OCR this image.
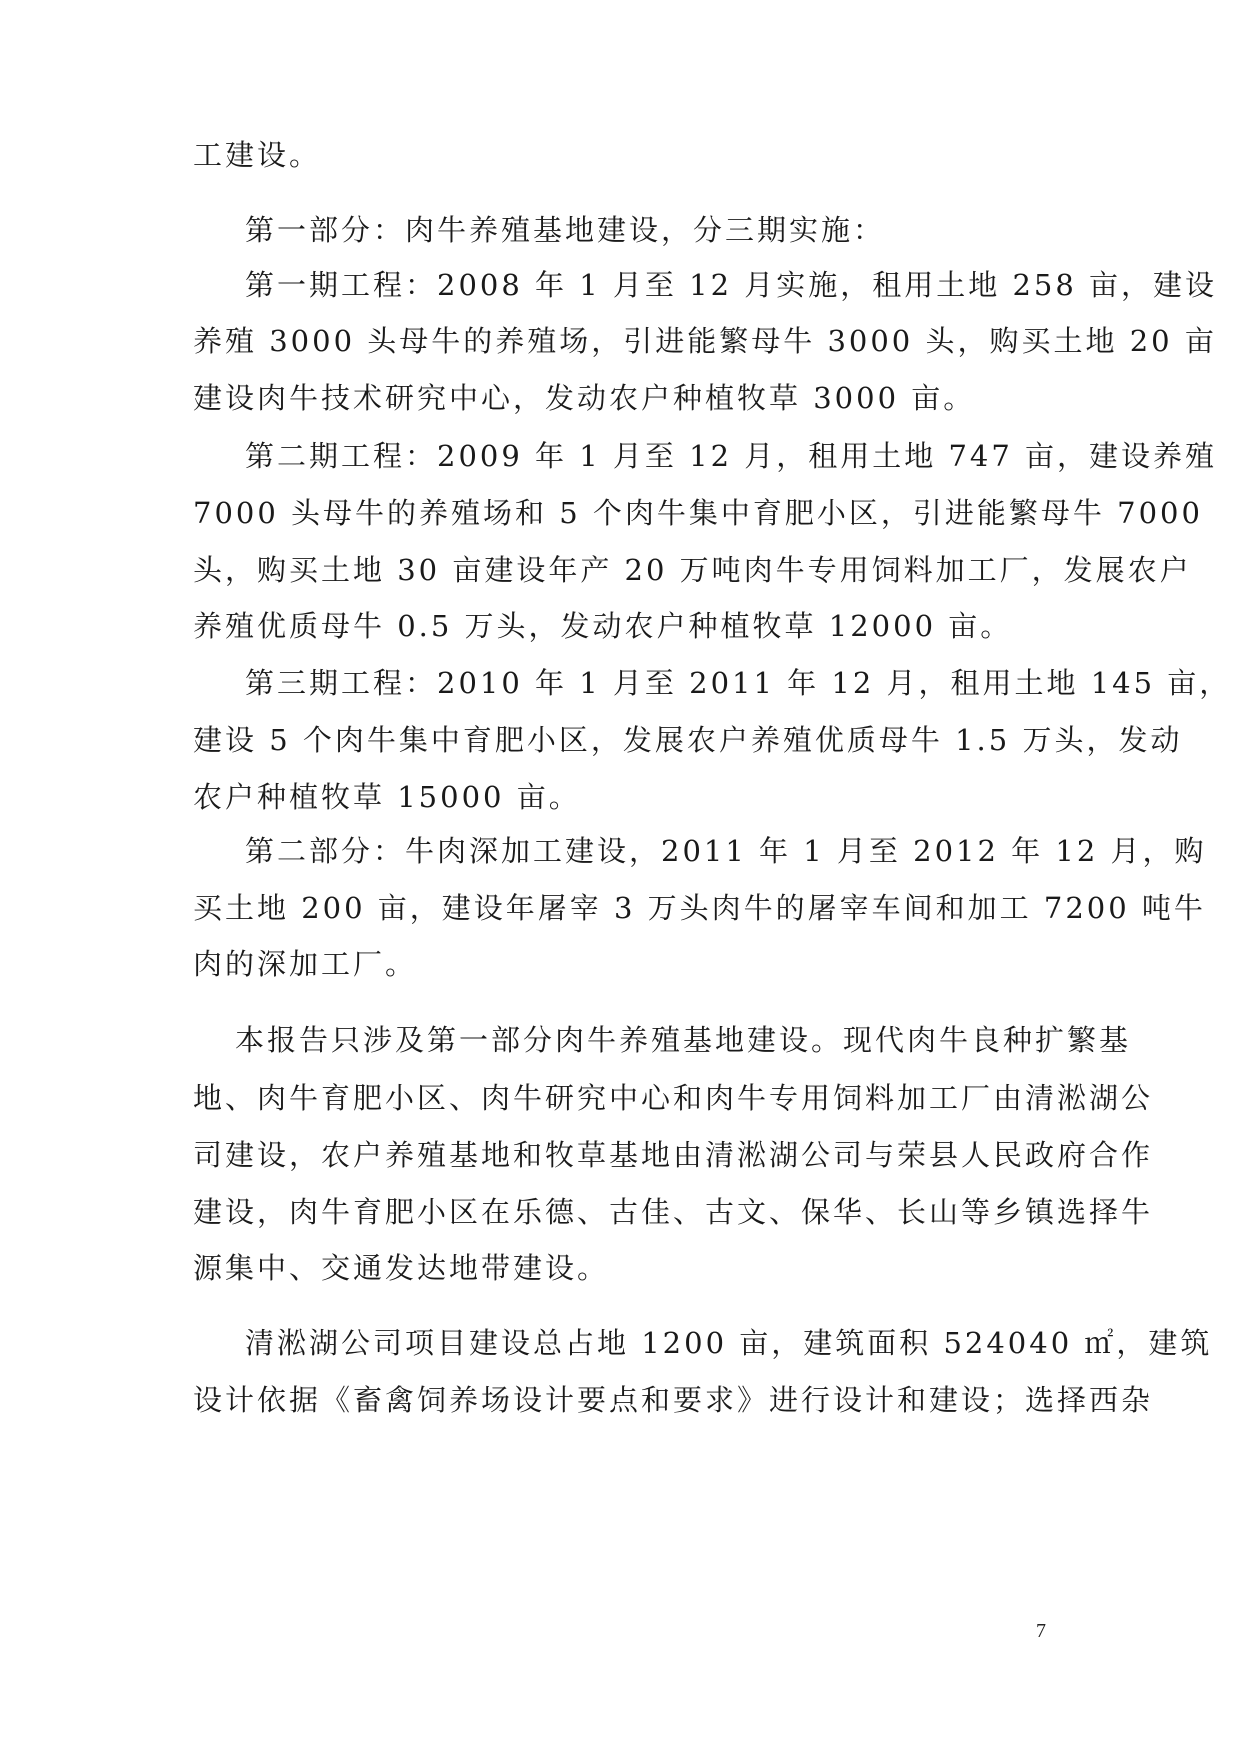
工建设。
第一部分：肉牛养殖基地建设，分三期实施：
第一期工程：2008 年 1 月至 12 月实施，租用土地 258 亩，建设
养殖 3000 头母牛的养殖场，引进能繁母牛 3000 头，购买土地 20 亩
建设肉牛技术研究中心，发动农户种植牧草 3000 亩。
第二期工程：2009 年 1 月至 12 月，租用土地 747 亩，建设养殖
7000 头母牛的养殖场和 5 个肉牛集中育肥小区，引进能繁母牛 7000
头，购买土地 30 亩建设年产 20 万吨肉牛专用饲料加工厂，发展农户
养殖优质母牛 0.5 万头，发动农户种植牧草 12000 亩。
第三期工程：2010 年 1 月至 2011 年 12 月，租用土地 145 亩，
建设 5 个肉牛集中育肥小区，发展农户养殖优质母牛 1.5 万头，发动
农户种植牧草 15000 亩。
第二部分：牛肉深加工建设，2011 年 1 月至 2012 年 12 月，购
买土地 200 亩，建设年屠宰 3 万头肉牛的屠宰车间和加工 7200 吨牛
肉的深加工厂。
本报告只涉及第一部分肉牛养殖基地建设。现代肉牛良种扩繁基
地、肉牛育肥小区、肉牛研究中心和肉牛专用饲料加工厂由清淞湖公
司建设，农户养殖基地和牧草基地由清淞湖公司与荣县人民政府合作
建设，肉牛育肥小区在乐德、古佳、古文、保华、长山等乡镇选择牛
源集中、交通发达地带建设。
清淞湖公司项目建设总占地 1200 亩，建筑面积 524040 ㎡，建筑
设计依据《畜禽饲养场设计要点和要求》进行设计和建设；选择西杂
7
